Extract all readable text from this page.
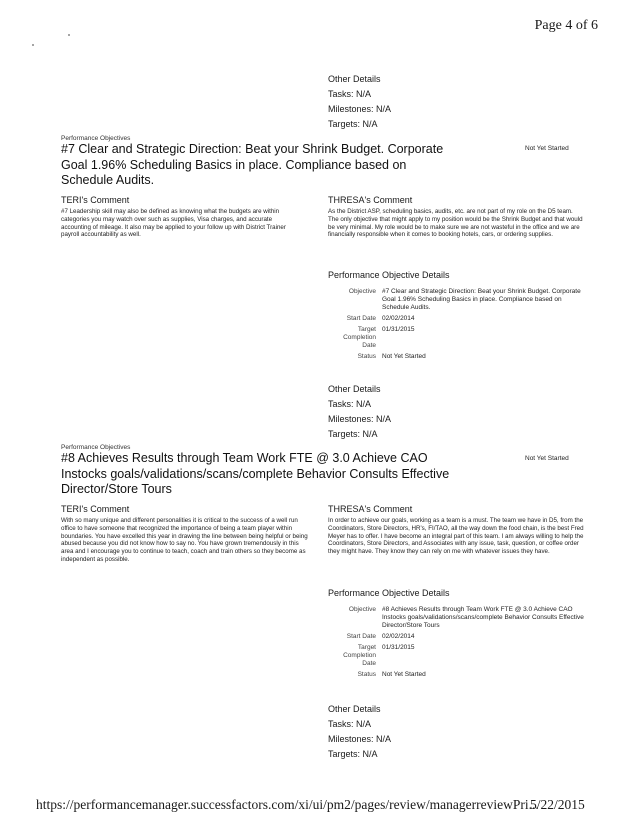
Page 4 of 6
Other Details
Tasks: N/A
Milestones: N/A
Targets: N/A
Performance Objectives
#7 Clear and Strategic Direction: Beat your Shrink Budget. Corporate Goal 1.96% Scheduling Basics in place. Compliance based on Schedule Audits.
Not Yet Started
TERI's Comment
#7 Leadership skill may also be defined as knowing what the budgets are within categories you may watch over such as supplies, Visa charges, and accurate accounting of mileage. It also may be applied to your follow up with District Trainer payroll accountability as well.
THRESA's Comment
As the District ASP, scheduling basics, audits, etc. are not part of my role on the D5 team. The only objective that might apply to my position would be the Shrink Budget and that would be very minimal. My role would be to make sure we are not wasteful in the office and we are financially responsible when it comes to booking hotels, cars, or ordering supplies.
Performance Objective Details
Objective #7 Clear and Strategic Direction: Beat your Shrink Budget. Corporate Goal 1.96% Scheduling Basics in place. Compliance based on Schedule Audits.
Start Date 02/02/2014
Target Completion Date
01/31/2015
Status Not Yet Started
Other Details
Tasks: N/A
Milestones: N/A
Targets: N/A
Performance Objectives
#8 Achieves Results through Team Work FTE @ 3.0 Achieve CAO Instocks goals/validations/scans/complete Behavior Consults Effective Director/Store Tours
Not Yet Started
TERI's Comment
With so many unique and different personalities it is critical to the success of a well run office to have someone that recognized the importance of being a team player within boundaries. You have excelled this year in drawing the line between being helpful or being abused because you did not know how to say no. You have grown tremendously in this area and I encourage you to continue to teach, coach and train others so they become as independent as possible.
THRESA's Comment
In order to achieve our goals, working as a team is a must. The team we have in D5, from the Coordinators, Store Directors, HR's, FI/TAO, all the way down the food chain, is the best Fred Meyer has to offer. I have become an integral part of this team. I am always willing to help the Coordinators, Store Directors, and Associates with any issue, task, question, or coffee order they might have. They know they can rely on me with whatever issues they have.
Performance Objective Details
Objective #8 Achieves Results through Team Work FTE @ 3.0 Achieve CAO Instocks goals/validations/scans/complete Behavior Consults Effective Director/Store Tours
Start Date 02/02/2014
Target Completion Date
01/31/2015
Status Not Yet Started
Other Details
Tasks: N/A
Milestones: N/A
Targets: N/A
https://performancemanager.successfactors.com/xi/ui/pm2/pages/review/managerreviewPri...
5/22/2015
